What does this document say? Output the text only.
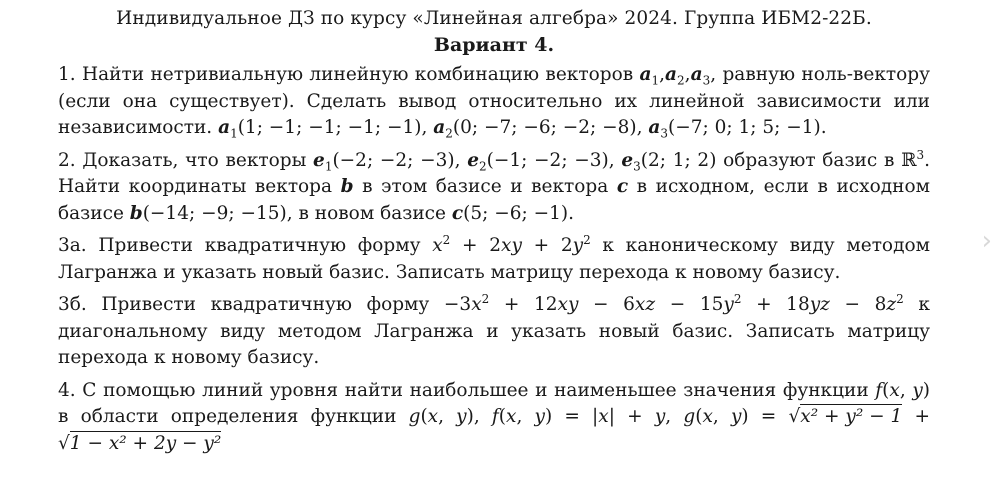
Индивидуальное ДЗ по курсу «Линейная алгебра» 2024. Группа ИБМ2-22Б.
Вариант 4.
1. Найти нетривиальную линейную комбинацию векторов $a_1,a_2,a_3$, равную ноль-вектору (если она существует). Сделать вывод относительно их линейной зависимости или независимости. $a_1(1$; −1; −1; −1; −1), $a_2(0$; −7; −6; −2; −8), $a_3(-7$; 0; 1; 5; −1).
2. Доказать, что векторы $e_1(-2$; −2; −3), $e_2(-1$; −2; −3), $e_3(2$; 1; 2) образуют базис в ℝ$^3$. Найти координаты вектора b в этом базисе и вектора c в исходном, если в исходном базисе b(−14; −9; −15), в новом базисе c(5; −6; −1).
3а. Привести квадратичную форму $x^2 + 2xy + 2y^2$ к каноническому виду методом Лагранжа и указать новый базис. Записать матрицу перехода к новому базису.
3б. Привести квадратичную форму $-3x^2 + 12xy - 6xz - 15y^2 + 18yz - 8z^2$ к диагональному виду методом Лагранжа и указать новый базис. Записать матрицу перехода к новому базису.
4. С помощью линий уровня найти наибольшее и наименьшее значения функции f(x, y) в области определения функции g(x, y), f(x, y) = |x| + y, g(x, y) = √x² + y² − 1 + √1 − x² + 2y − y²
›
